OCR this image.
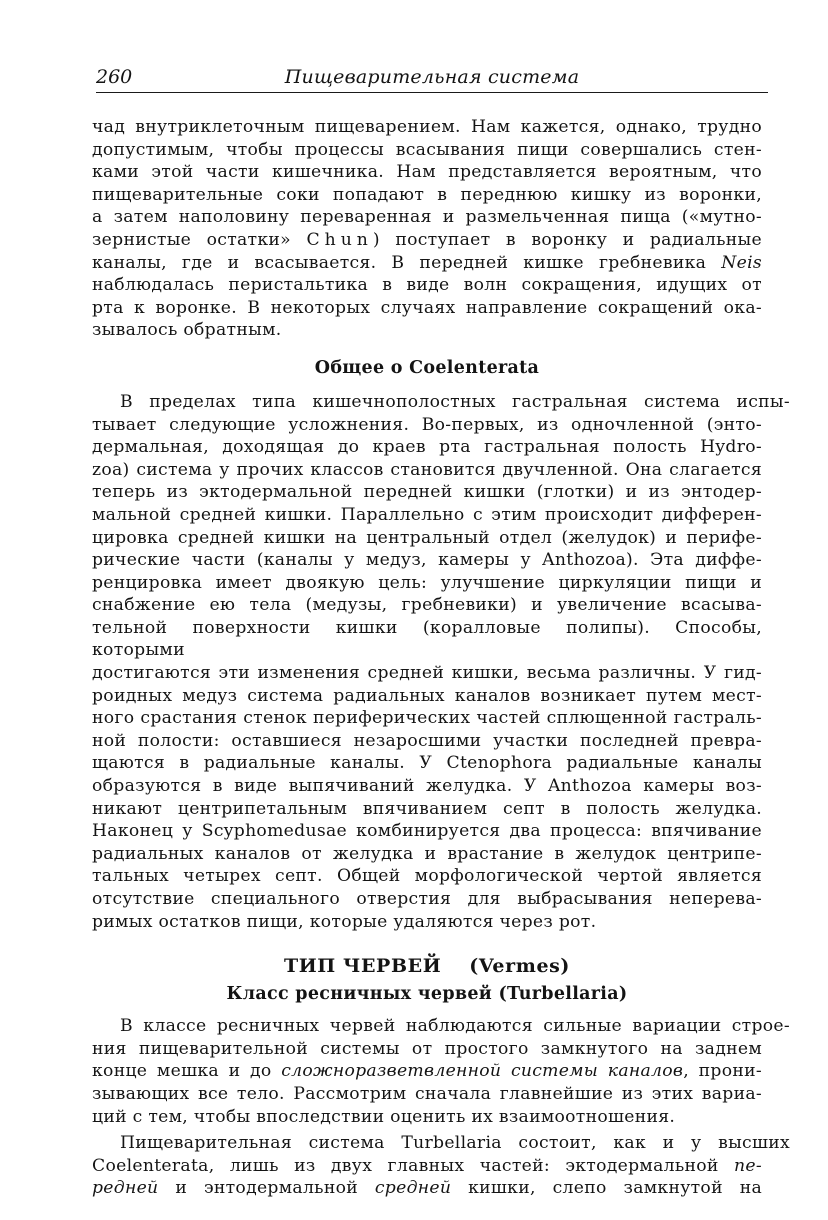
260	Пищеварительная система
чад внутриклеточным пищеварением. Нам кажется, однако, трудно
допустимым, чтобы процессы всасывания пищи совершались стен-
ками этой части кишечника. Нам представляется вероятным, что
пищеварительные соки попадают в переднюю кишку из воронки,
а затем наполовину переваренная и размельченная пища («мутно-
зернистые остатки» Chun) поступает в воронку и радиальные
каналы, где и всасывается. В передней кишке гребневика Neis
наблюдалась перистальтика в виде волн сокращения, идущих от
рта к воронке. В некоторых случаях направление сокращений ока-
зывалось обратным.
Общее о Coelenterata
В пределах типа кишечнополостных гастральная система испы-
тывает следующие усложнения. Во-первых, из одночленной (энто-
дермальная, доходящая до краев рта гастральная полость Hydro-
zoa) система у прочих классов становится двучленной. Она слагается
теперь из эктодермальной передней кишки (глотки) и из энтодер-
мальной средней кишки. Параллельно с этим происходит дифферен-
цировка средней кишки на центральный отдел (желудок) и перифе-
рические части (каналы у медуз, камеры у Anthozoa). Эта диффе-
ренцировка имеет двоякую цель: улучшение циркуляции пищи и
снабжение ею тела (медузы, гребневики) и увеличение всасыва-
тельной поверхности кишки (коралловые полипы). Способы, которыми
достигаются эти изменения средней кишки, весьма различны. У гид-
роидных медуз система радиальных каналов возникает путем мест-
ного срастания стенок периферических частей сплющенной гастраль-
ной полости: оставшиеся незаросшими участки последней превра-
щаются в радиальные каналы. У Ctenophora радиальные каналы
образуются в виде выпячиваний желудка. У Anthozoa камеры воз-
никают центрипетальным впячиванием септ в полость желудка.
Наконец у Scyphomedusae комбинируется два процесса: впячивание
радиальных каналов от желудка и врастание в желудок центрипе-
тальных четырех септ. Общей морфологической чертой является
отсутствие специального отверстия для выбрасывания неперева-
римых остатков пищи, которые удаляются через рот.
ТИП ЧЕРВЕЙ (Vermes)
Класс ресничных червей (Turbellaria)
В классе ресничных червей наблюдаются сильные вариации строе-
ния пищеварительной системы от простого замкнутого на заднем
конце мешка и до сложноразветвленной системы каналов, прони-
зывающих все тело. Рассмотрим сначала главнейшие из этих вариа-
ций с тем, чтобы впоследствии оценить их взаимоотношения.
Пищеварительная система Turbellaria состоит, как и у высших
Coelenterata, лишь из двух главных частей: эктодермальной пе-
редней и энтодермальной средней кишки, слепо замкнутой на
